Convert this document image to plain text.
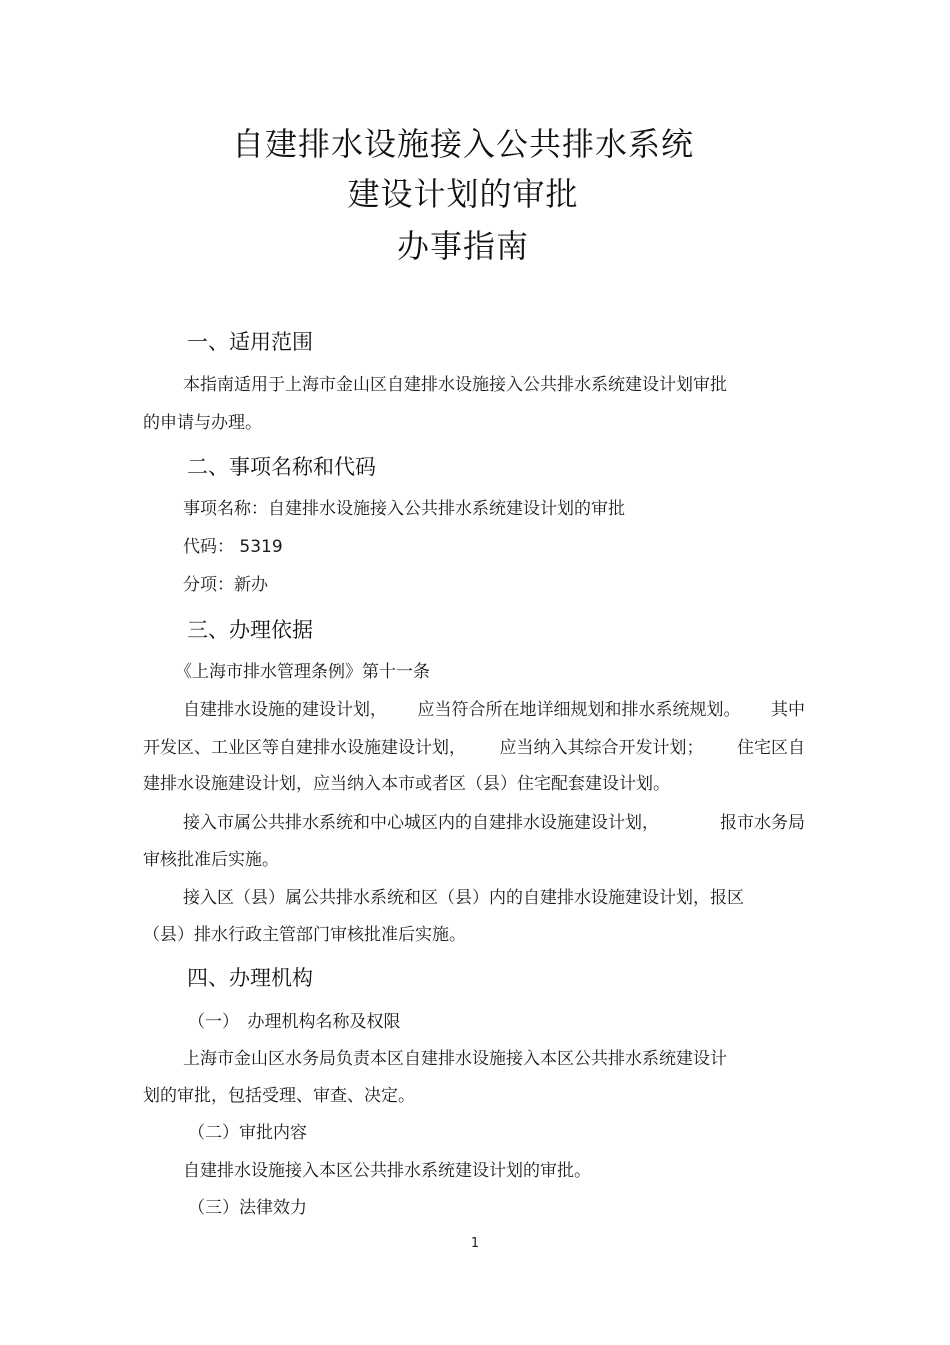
自建排水设施接入公共排水系统
建设计划的审批
办事指南
一、适用范围
本指南适用于上海市金山区自建排水设施接入公共排水系统建设计划审批
的申请与办理。
二、事项名称和代码
事项名称：自建排水设施接入公共排水系统建设计划的审批
代码： 5319
分项：新办
三、办理依据
《上海市排水管理条例》第十一条
自建排水设施的建设计划， 应当符合所在地详细规划和排水系统规划。 其中
开发区、工业区等自建排水设施建设计划， 应当纳入其综合开发计划； 住宅区自
建排水设施建设计划，应当纳入本市或者区（县）住宅配套建设计划。
接入市属公共排水系统和中心城区内的自建排水设施建设计划，	报市水务局
审核批准后实施。
接入区（县）属公共排水系统和区（县）内的自建排水设施建设计划，报区
（县）排水行政主管部门审核批准后实施。
四、办理机构
（一）　办理机构名称及权限
上海市金山区水务局负责本区自建排水设施接入本区公共排水系统建设计
划的审批，包括受理、审查、决定。
（二）审批内容
自建排水设施接入本区公共排水系统建设计划的审批。
（三）法律效力
1
